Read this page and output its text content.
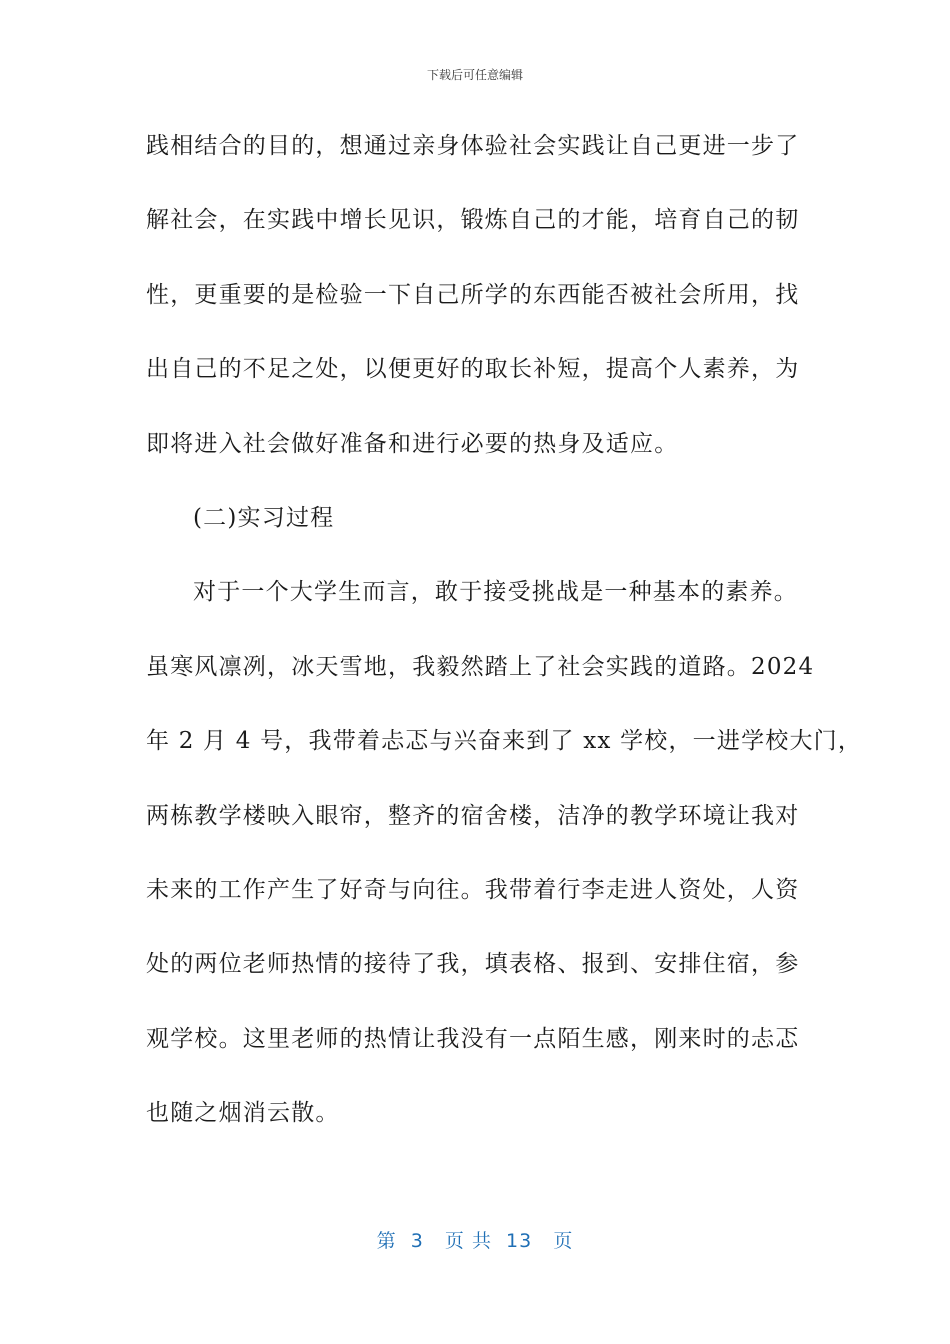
下载后可任意编辑
践相结合的目的，想通过亲身体验社会实践让自己更进一步了
解社会，在实践中增长见识，锻炼自己的才能，培育自己的韧
性，更重要的是检验一下自己所学的东西能否被社会所用，找
出自己的不足之处，以便更好的取长补短，提高个人素养，为
即将进入社会做好准备和进行必要的热身及适应。
(二)实习过程
对于一个大学生而言，敢于接受挑战是一种基本的素养。
虽寒风凛冽，冰天雪地，我毅然踏上了社会实践的道路。2024
年 2 月 4 号，我带着忐忑与兴奋来到了 xx 学校，一进学校大门，
两栋教学楼映入眼帘，整齐的宿舍楼，洁净的教学环境让我对
未来的工作产生了好奇与向往。我带着行李走进人资处，人资
处的两位老师热情的接待了我，填表格、报到、安排住宿，参
观学校。这里老师的热情让我没有一点陌生感，刚来时的忐忑
也随之烟消云散。
第  3   页 共  13   页
